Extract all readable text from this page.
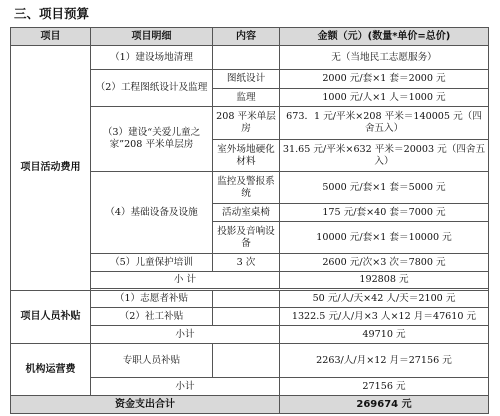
三、项目预算
项目	项目明细	内容	金额（元）(数量*单价=总价)
项目活动费用	（1）建设场地清理		无（当地民工志愿服务）
	（2）工程图纸设计及监理	图纸设计	2000 元/套×1 套＝2000 元
		监理	1000 元/人×1 人＝1000 元
	（3）建设“关爱儿童之家”208 平米单层房	208 平米单层房	673．1 元/平米×208 平米＝140005 元（四舍五入）
		室外场地硬化材料	31.65 元/平米×632 平米＝20003 元（四舍五入）
	（4）基础设备及设施	监控及警报系统	5000 元/套×1 套＝5000 元
		活动室桌椅	175 元/套×40 套＝7000 元
		投影及音响设备	10000 元/套×1 套＝10000 元
	（5）儿童保护培训	3 次	2600 元/次×3 次＝7800 元
	小 计		192808 元

项目人员补贴	（1）志愿者补贴		50 元/人/天×42 人/天＝2100 元
	（2）社工补贴		1322.5 元/人/月×3 人×12 月＝47610 元
	小计		49710 元
机构运营费	专职人员补贴		2263/人/月×12 月＝27156 元
	小计		27156 元
资金支出合计			269674 元
